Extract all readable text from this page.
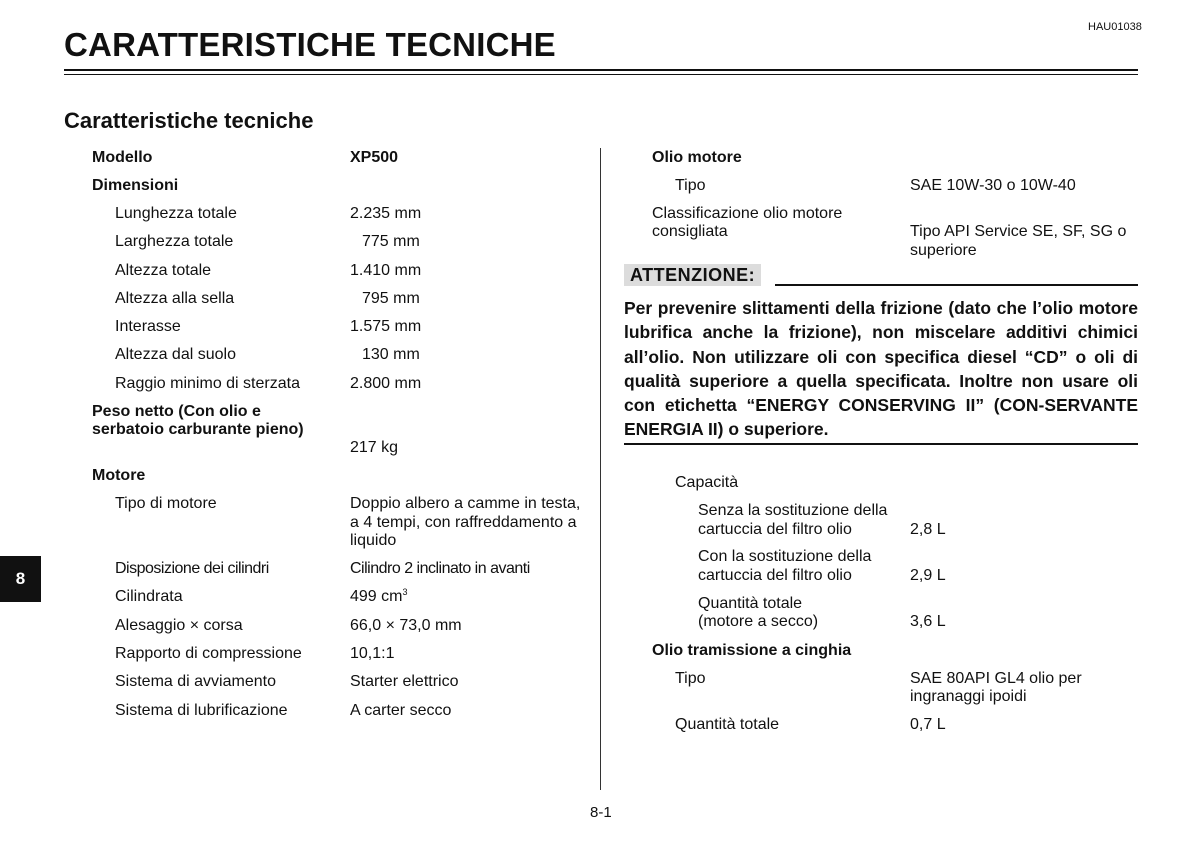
HAU01038
CARATTERISTICHE TECNICHE
Caratteristiche tecniche
8
8-1
Modello	XP500
Dimensioni
Lunghezza totale	2.235 mm
Larghezza totale	775 mm
Altezza totale	1.410 mm
Altezza alla sella	795 mm
Interasse	1.575 mm
Altezza dal suolo	130 mm
Raggio minimo di sterzata	2.800 mm
Peso netto (Con olio e
serbatoio carburante pieno)
217 kg
Motore
Tipo di motore	Doppio albero a camme in testa,
a 4 tempi, con raffreddamento a
liquido
Disposizione dei cilindri	Cilindro 2 inclinato in avanti
Cilindrata	499 $cm^3$
Alesaggio × corsa	66,0 × 73,0 mm
Rapporto di compressione	10,1:1
Sistema di avviamento	Starter elettrico
Sistema di lubrificazione	A carter secco
Olio motore
Tipo	SAE 10W-30 o 10W-40
Classificazione olio motore
consigliata	Tipo API Service SE, SF, SG o
superiore
ATTENZIONE:
Per prevenire slittamenti della frizione (dato che l’olio motore lubrifica anche la frizione), non miscelare additivi chimici all’olio. Non utilizzare oli con specifica diesel “CD” o oli di qualità superiore a quella specificata. Inoltre non usare oli con etichetta “ENERGY CONSERVING II” (CON-SERVANTE ENERGIA II) o superiore.
Capacità
Senza la sostituzione della
cartuccia del filtro olio	2,8 L
Con la sostituzione della
cartuccia del filtro olio	2,9 L
Quantità totale
(motore a secco)	3,6 L
Olio tramissione a cinghia
Tipo	SAE 80API GL4 olio per
ingranaggi ipoidi
Quantità totale	0,7 L
